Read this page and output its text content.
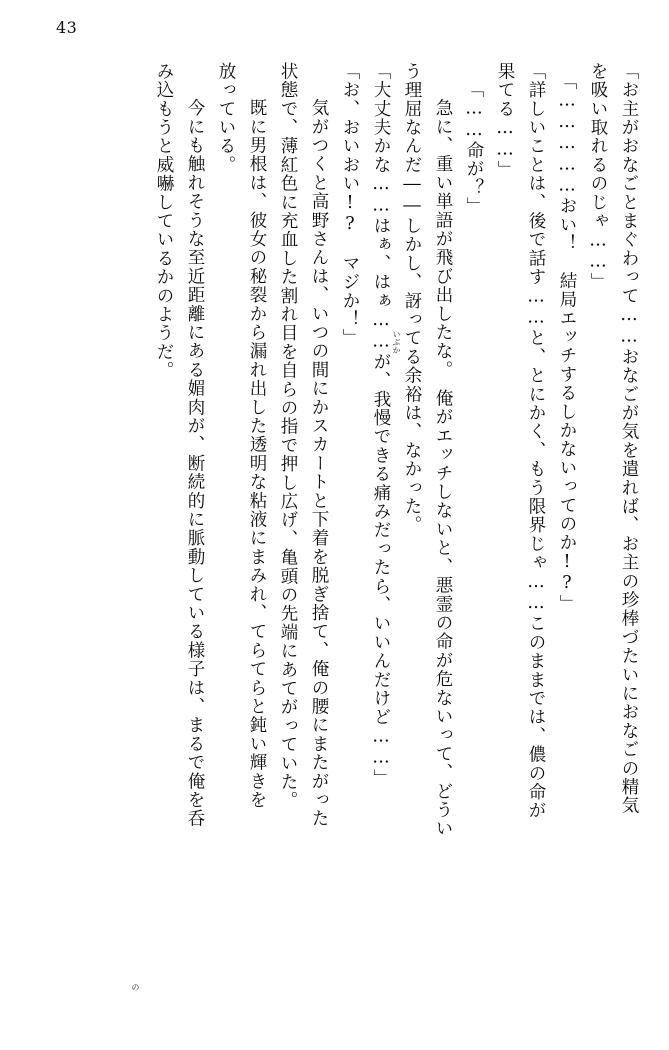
43
「お主がおなごとまぐわって……おなごが気を遣れば、お主の珍棒づたいにおなごの精気
を吸い取れるのじゃ……」
「……………おい！　結局エッチするしかないってのか!?」
「詳しいことは、後で話す……と、とにかく、もう限界じゃ……このままでは、儂の命が
果てる……」
「……命が？」
　急に、重い単語が飛び出したな。　俺がエッチしないと、悪霊の命が危ないって、どうい
う理屈なんだ――しかし、訝ってる余裕は、なかった。
「大丈夫かな……はぁ、はぁ……が、我慢できる痛みだったら、いいんだけど……」
「お、おいおい!?　マジか！」
　気がつくと高野さんは、いつの間にかスカートと下着を脱ぎ捨て、俺の腰にまたがった
状態で、薄紅色に充血した割れ目を自らの指で押し広げ、亀頭の先端にあてがっていた。
　既に男根は、彼女の秘裂から漏れ出した透明な粘液にまみれ、てらてらと鈍い輝きを
放っている。
　今にも触れそうな至近距離にある媚肉が、断続的に脈動している様子は、まるで俺を呑
み込もうと威嚇しているかのようだ。	いぶか
の
